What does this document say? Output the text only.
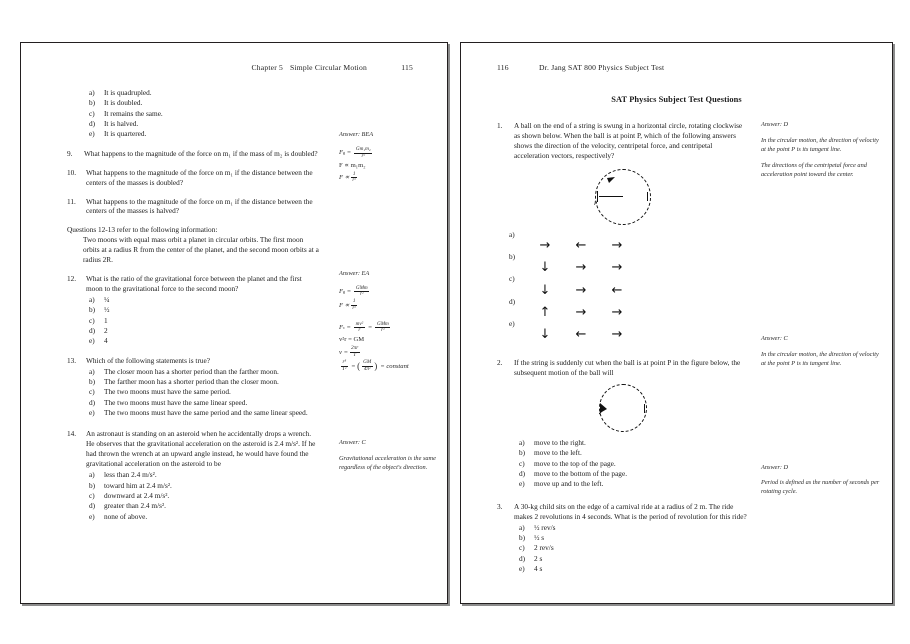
Chapter 5 Simple Circular Motion	115
a)	It is quadrupled.
b)	It is doubled.
c)	It remains the same.
d)	It is halved.
e)	It is quartered.
9.	What happens to the magnitude of the force on m₁ if the mass of m₂ is doubled?
10.	What happens to the magnitude of the force on m₁ if the distance between the centers of the masses is doubled?
11.	What happens to the magnitude of the force on m₁ if the distance between the centers of the masses is halved?
Questions 12-13 refer to the following information:
Two moons with equal mass orbit a planet in circular orbits. The first moon orbits at a radius R from the center of the planet, and the second moon orbits at a radius 2R.
12.	What is the ratio of the gravitational force between the planet and the first moon to the gravitational force to the second moon?
a)	¼
b)	½
c)	1
d)	2
e)	4
13.	Which of the following statements is true?
a)	The closer moon has a shorter period than the farther moon.
b)	The farther moon has a shorter period than the closer moon.
c)	The two moons must have the same period.
d)	The two moons must have the same linear speed.
e)	The two moons must have the same period and the same linear speed.
14.	An astronaut is standing on an asteroid when he accidentally drops a wrench. He observes that the gravitational acceleration on the asteroid is 2.4 m/s². If he had thrown the wrench at an upward angle instead, he would have found the gravitational acceleration on the asteroid to be
a)	less than 2.4 m/s².
b)	toward him at 2.4 m/s².
c)	downward at 2.4 m/s².
d)	greater than 2.4 m/s².
e)	none of above.
Answer: BEA
F $g = \frac{\text{Gm₁m₂}}{\text{r²}}$
F ∝ m₁m₂
$F \propto \frac{1}{\text{r²}}$
Answer: EA
F $g = \frac{\text{GMm}}{\text{r²}}$
$F \propto \frac{1}{\text{r²}}$
F $c = \frac{\text{mv²}}{r} = \frac{\text{GMm}}{\text{r²}}$
v²r = GM
$v = \frac{2\pi r}{T}$
$\frac{\text{r³}}{\text{T²}}$ = ( $\frac{GM}{\text{4π²}}$ ) = constant
Answer: C
Gravitational acceleration is the same regardless of the object's direction.
116	Dr. Jang SAT 800 Physics Subject Test
SAT Physics Subject Test Questions
1.	A ball on the end of a string is swung in a horizontal circle, rotating clockwise as shown below. When the ball is at point P, which of the following answers shows the direction of the velocity, centripetal force, and centripetal acceleration vectors, respectively?
P
a)
→	←	→
b)
↓	→	→
c)
↓	→	←
d)
↑	→	→
e)
↓	←	→
2.	If the string is suddenly cut when the ball is at point P in the figure below, the subsequent motion of the ball will
a)	move to the right.
b)	move to the left.
c)	move to the top of the page.
d)	move to the bottom of the page.
e)	move up and to the left.
3.	A 30-kg child sits on the edge of a carnival ride at a radius of 2 m. The ride makes 2 revolutions in 4 seconds. What is the period of revolution for this ride?
a)	½ rev/s
b)	½ s
c)	2 rev/s
d)	2 s
e)	4 s
Answer: D
In the circular motion, the direction of velocity at the point P is its tangent line.
The directions of the centripetal force and acceleration point toward the center.
Answer: C
In the circular motion, the direction of velocity at the point P is its tangent line.
Answer: D
Period is defined as the number of seconds per rotating cycle.
